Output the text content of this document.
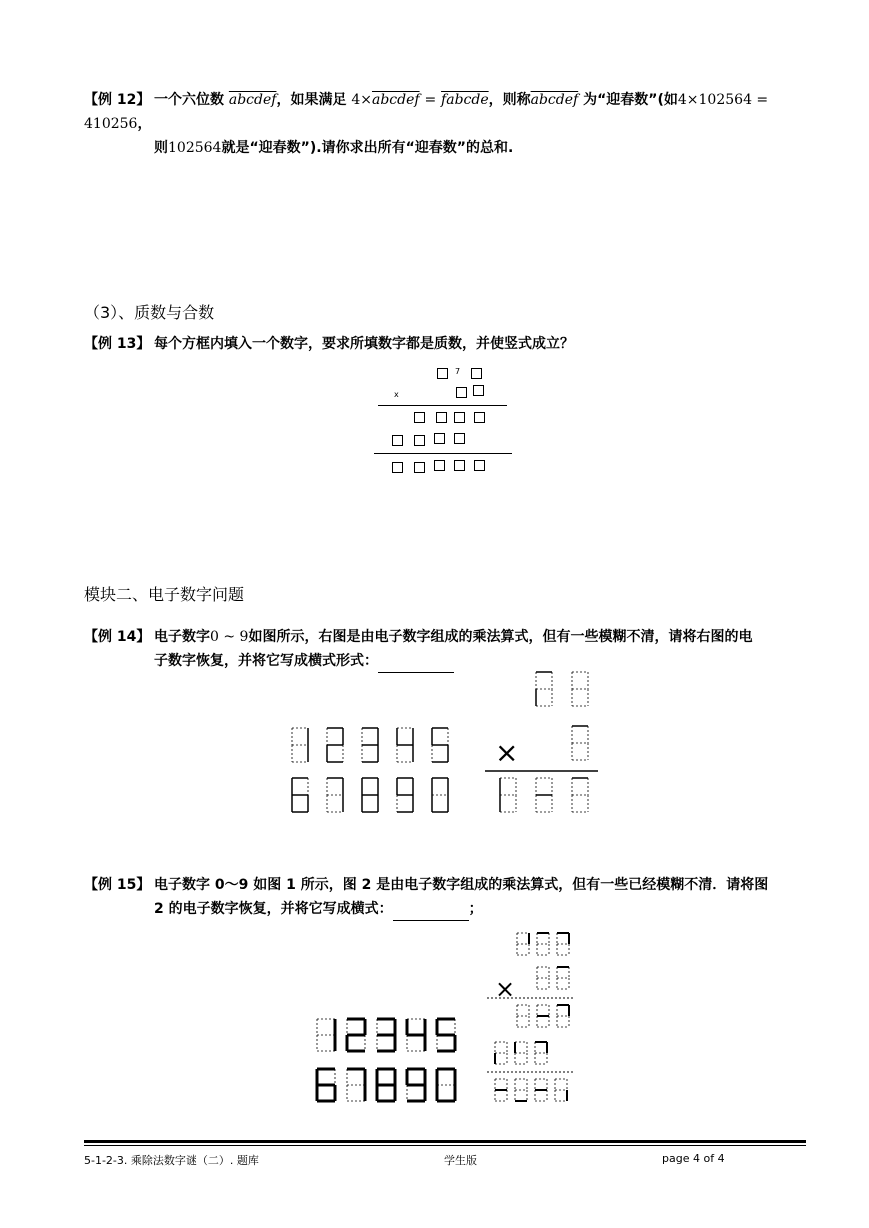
【例 12】 一个六位数 abcdef，如果满足 4×abcdef = fabcde，则称abcdef 为“迎春数”(如4×102564 = 410256，
则102564就是“迎春数”).请你求出所有“迎春数”的总和.
（3）、质数与合数
【例 13】 每个方框内填入一个数字，要求所填数字都是质数，并使竖式成立？
7
x
模块二、电子数字问题
【例 14】 电子数字0 ~ 9如图所示，右图是由电子数字组成的乘法算式，但有一些模糊不清，请将右图的电
子数字恢复，并将它写成横式形式：
×
【例 15】 电子数字 0～9 如图 1 所示，图 2 是由电子数字组成的乘法算式，但有一些已经模糊不清．请将图
2 的电子数字恢复，并将它写成横式：	；
×
5-1-2-3. 乘除法数字谜（二）. 题库	学生版	page 4 of 4
